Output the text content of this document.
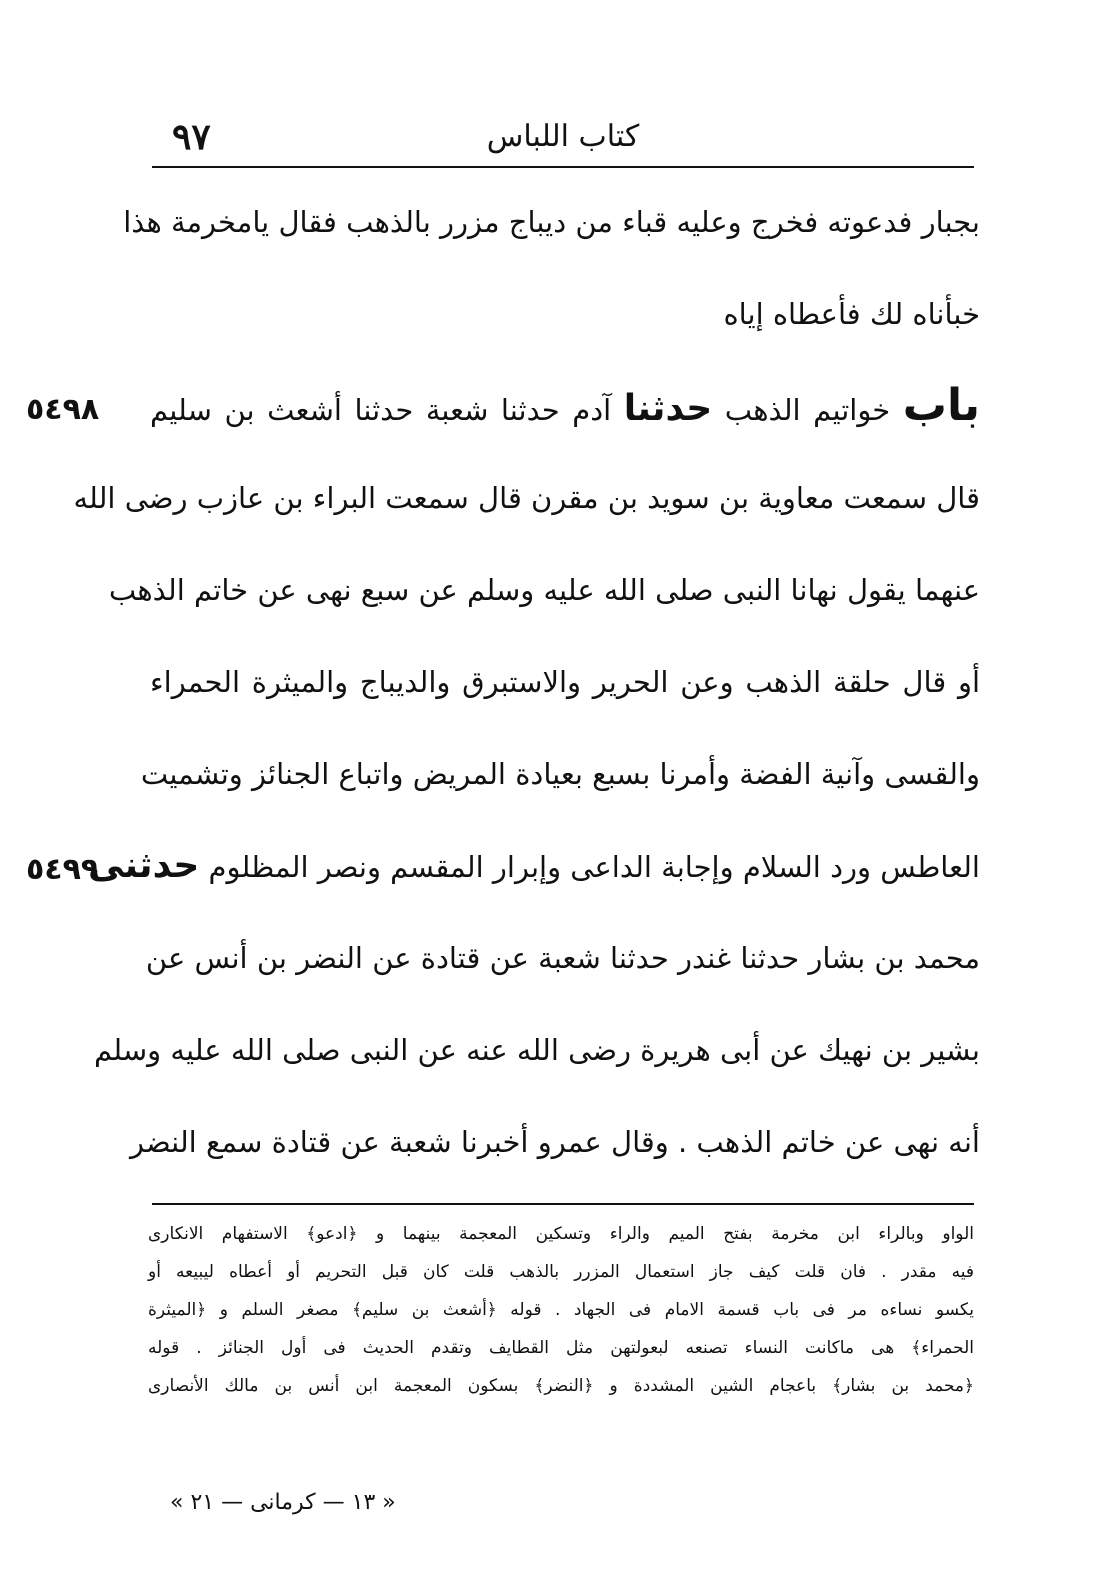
٩٧	كتاب اللباس
بجبار فدعوته فخرج وعليه قباء من ديباج مزرر بالذهب فقال يامخرمة هذا
خبأناه لك فأعطاه إياه
باب خواتيم الذهب حدثنا آدم حدثنا شعبة حدثنا أشعث بن سليم
قال سمعت معاوية بن سويد بن مقرن قال سمعت البراء بن عازب رضى الله
عنهما يقول نهانا النبى صلى الله عليه وسلم عن سبع نهى عن خاتم الذهب
أو قال حلقة الذهب وعن الحرير والاستبرق والديباج والميثرة الحمراء
والقسى وآنية الفضة وأمرنا بسبع بعيادة المريض واتباع الجنائز وتشميت
العاطس ورد السلام وإجابة الداعى وإبرار المقسم ونصر المظلوم حدثنى
محمد بن بشار حدثنا غندر حدثنا شعبة عن قتادة عن النضر بن أنس عن
بشير بن نهيك عن أبى هريرة رضى الله عنه عن النبى صلى الله عليه وسلم
أنه نهى عن خاتم الذهب . وقال عمرو أخبرنا شعبة عن قتادة سمع النضر
٥٤٩٨
٥٤٩٩
الواو وبالراء ابن مخرمة بفتح الميم والراء وتسكين المعجمة بينهما و ﴿ادعو﴾ الاستفهام الانكارى
فيه مقدر . فان قلت كيف جاز استعمال المزرر بالذهب قلت كان قبل التحريم أو أعطاه ليبيعه أو
يكسو نساءه مر فى باب قسمة الامام فى الجهاد . قوله ﴿أشعث بن سليم﴾ مصغر السلم و ﴿الميثرة
الحمراء﴾ هى ماكانت النساء تصنعه لبعولتهن مثل القطايف وتقدم الحديث فى أول الجنائز . قوله
﴿محمد بن بشار﴾ باعجام الشين المشددة و ﴿النضر﴾ بسكون المعجمة ابن أنس بن مالك الأنصارى
« ١٣ — كرمانى — ٢١ »
